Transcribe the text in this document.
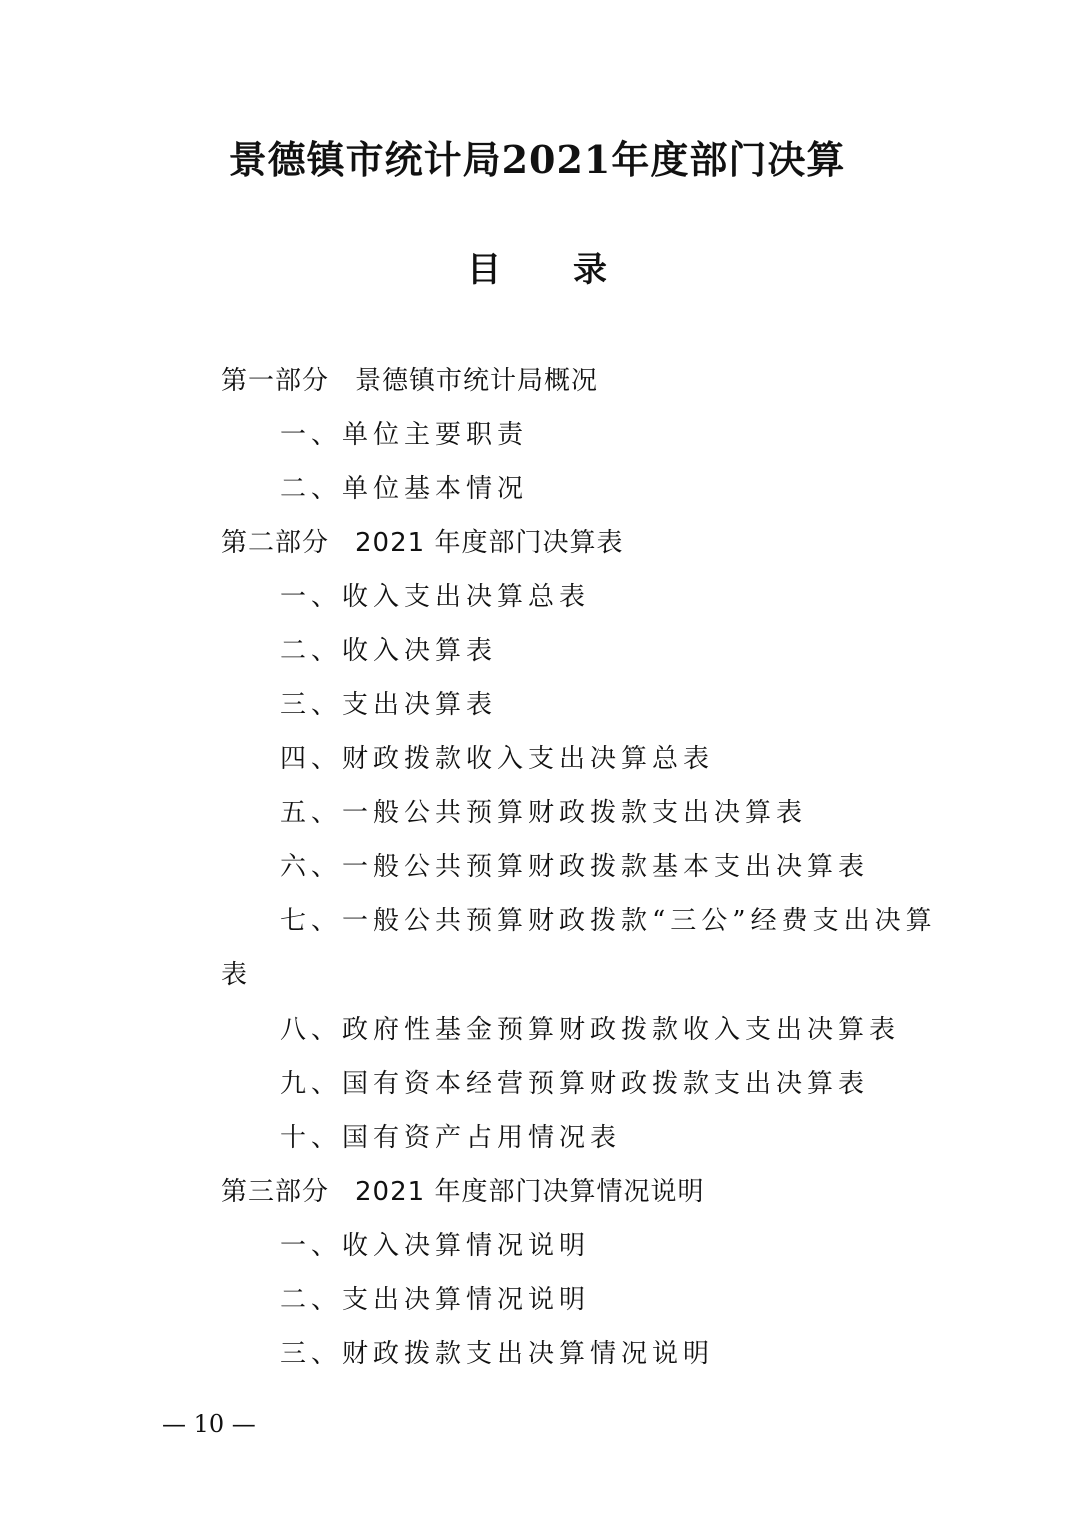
景德镇市统计局2021年度部门决算
目 录
第一部分 景德镇市统计局概况
一、单位主要职责
二、单位基本情况
第二部分 2021 年度部门决算表
一、收入支出决算总表
二、收入决算表
三、支出决算表
四、财政拨款收入支出决算总表
五、一般公共预算财政拨款支出决算表
六、一般公共预算财政拨款基本支出决算表
七、一般公共预算财政拨款“三公”经费支出决算
表
八、政府性基金预算财政拨款收入支出决算表
九、国有资本经营预算财政拨款支出决算表
十、国有资产占用情况表
第三部分 2021 年度部门决算情况说明
一、收入决算情况说明
二、支出决算情况说明
三、财政拨款支出决算情况说明
— 10 —
